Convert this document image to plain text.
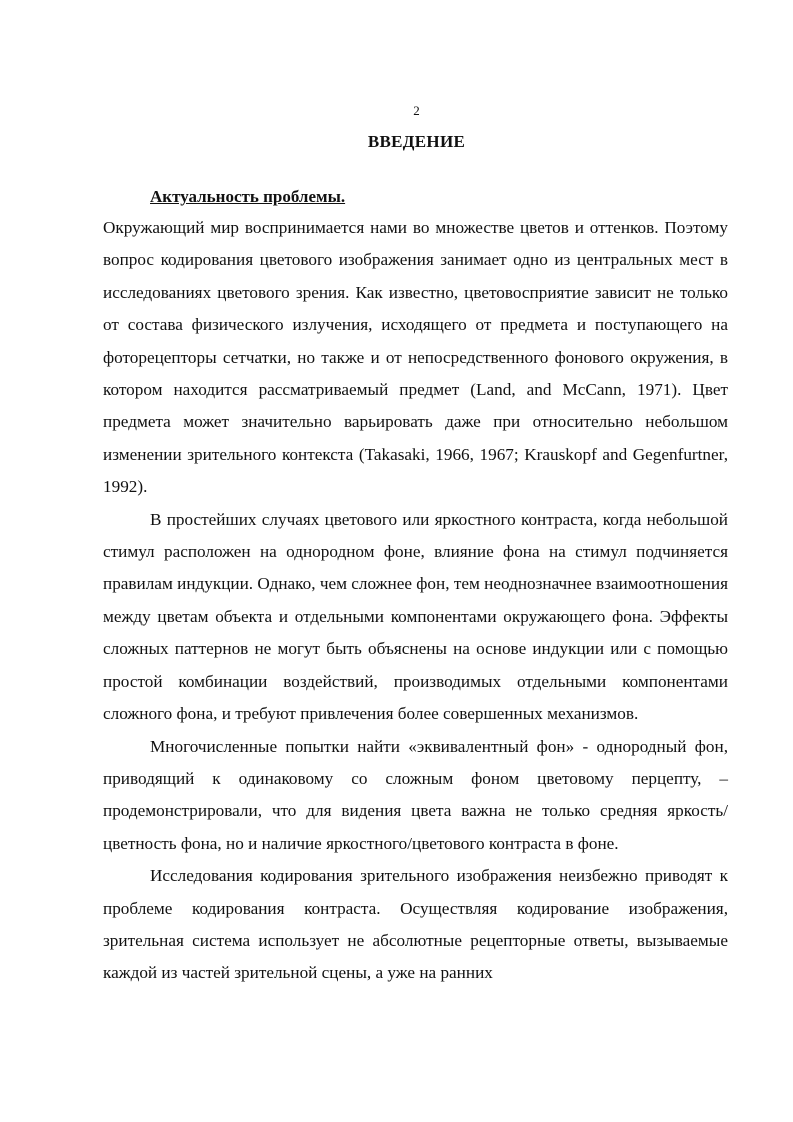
2
ВВЕДЕНИЕ
Актуальность проблемы.

Окружающий мир воспринимается нами во множестве цветов и оттенков. Поэтому вопрос кодирования цветового изображения занимает одно из центральных мест в исследованиях цветового зрения. Как известно, цветовосприятие зависит не только от состава физического излучения, исходящего от предмета и поступающего на фоторецепторы сетчатки, но также и от непосредственного фонового окружения, в котором находится рассматриваемый предмет (Land, and McCann, 1971). Цвет предмета может значительно варьировать даже при относительно небольшом изменении зрительного контекста (Takasaki, 1966, 1967; Krauskopf and Gegenfurtner, 1992).

В простейших случаях цветового или яркостного контраста, когда небольшой стимул расположен на однородном фоне, влияние фона на стимул подчиняется правилам индукции. Однако, чем сложнее фон, тем неоднозначнее взаимоотношения между цветам объекта и отдельными компонентами окружающего фона. Эффекты сложных паттернов не могут быть объяснены на основе индукции или с помощью простой комбинации воздействий, производимых отдельными компонентами сложного фона, и требуют привлечения более совершенных механизмов.

Многочисленные попытки найти «эквивалентный фон» - однородный фон, приводящий к одинаковому со сложным фоном цветовому перцепту, – продемонстрировали, что для видения цвета важна не только средняя яркость/ цветность фона, но и наличие яркостного/цветового контраста в фоне.

Исследования кодирования зрительного изображения неизбежно приводят к проблеме кодирования контраста. Осуществляя кодирование изображения, зрительная система использует не абсолютные рецепторные ответы, вызываемые каждой из частей зрительной сцены, а уже на ранних
